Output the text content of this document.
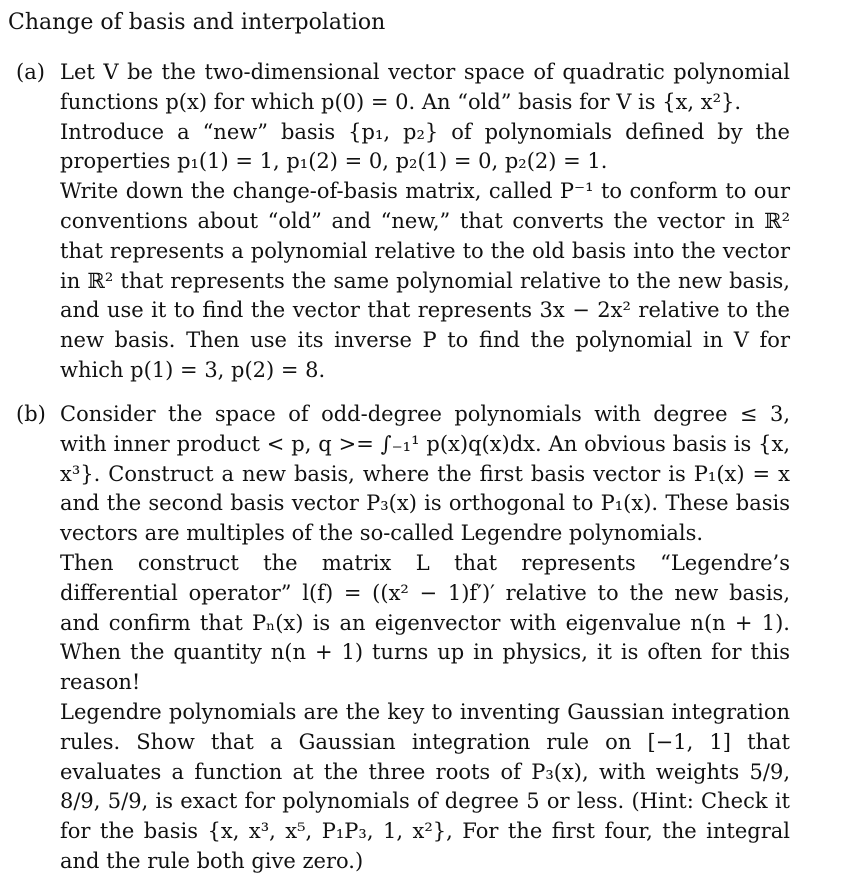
Change of basis and interpolation
(a) Let V be the two-dimensional vector space of quadratic polynomial functions p(x) for which p(0) = 0. An “old” basis for V is {x, x²}.
Introduce a “new” basis {p₁, p₂} of polynomials defined by the properties p₁(1) = 1, p₁(2) = 0, p₂(1) = 0, p₂(2) = 1.
Write down the change-of-basis matrix, called P⁻¹ to conform to our conventions about “old” and “new,” that converts the vector in ℝ² that represents a polynomial relative to the old basis into the vector in ℝ² that represents the same polynomial relative to the new basis, and use it to find the vector that represents 3x − 2x² relative to the new basis. Then use its inverse P to find the polynomial in V for which p(1) = 3, p(2) = 8.
(b) Consider the space of odd-degree polynomials with degree ≤ 3, with inner product < p, q >= ∫₋₁¹ p(x)q(x)dx. An obvious basis is {x, x³}. Construct a new basis, where the first basis vector is P₁(x) = x and the second basis vector P₃(x) is orthogonal to P₁(x). These basis vectors are multiples of the so-called Legendre polynomials.
Then construct the matrix L that represents “Legendre’s differential operator” l(f) = ((x² − 1)f′)′ relative to the new basis, and confirm that Pₙ(x) is an eigenvector with eigenvalue n(n + 1). When the quantity n(n + 1) turns up in physics, it is often for this reason!
Legendre polynomials are the key to inventing Gaussian integration rules. Show that a Gaussian integration rule on [−1, 1] that evaluates a function at the three roots of P₃(x), with weights 5/9, 8/9, 5/9, is exact for polynomials of degree 5 or less. (Hint: Check it for the basis {x, x³, x⁵, P₁P₃, 1, x²}, For the first four, the integral and the rule both give zero.)
